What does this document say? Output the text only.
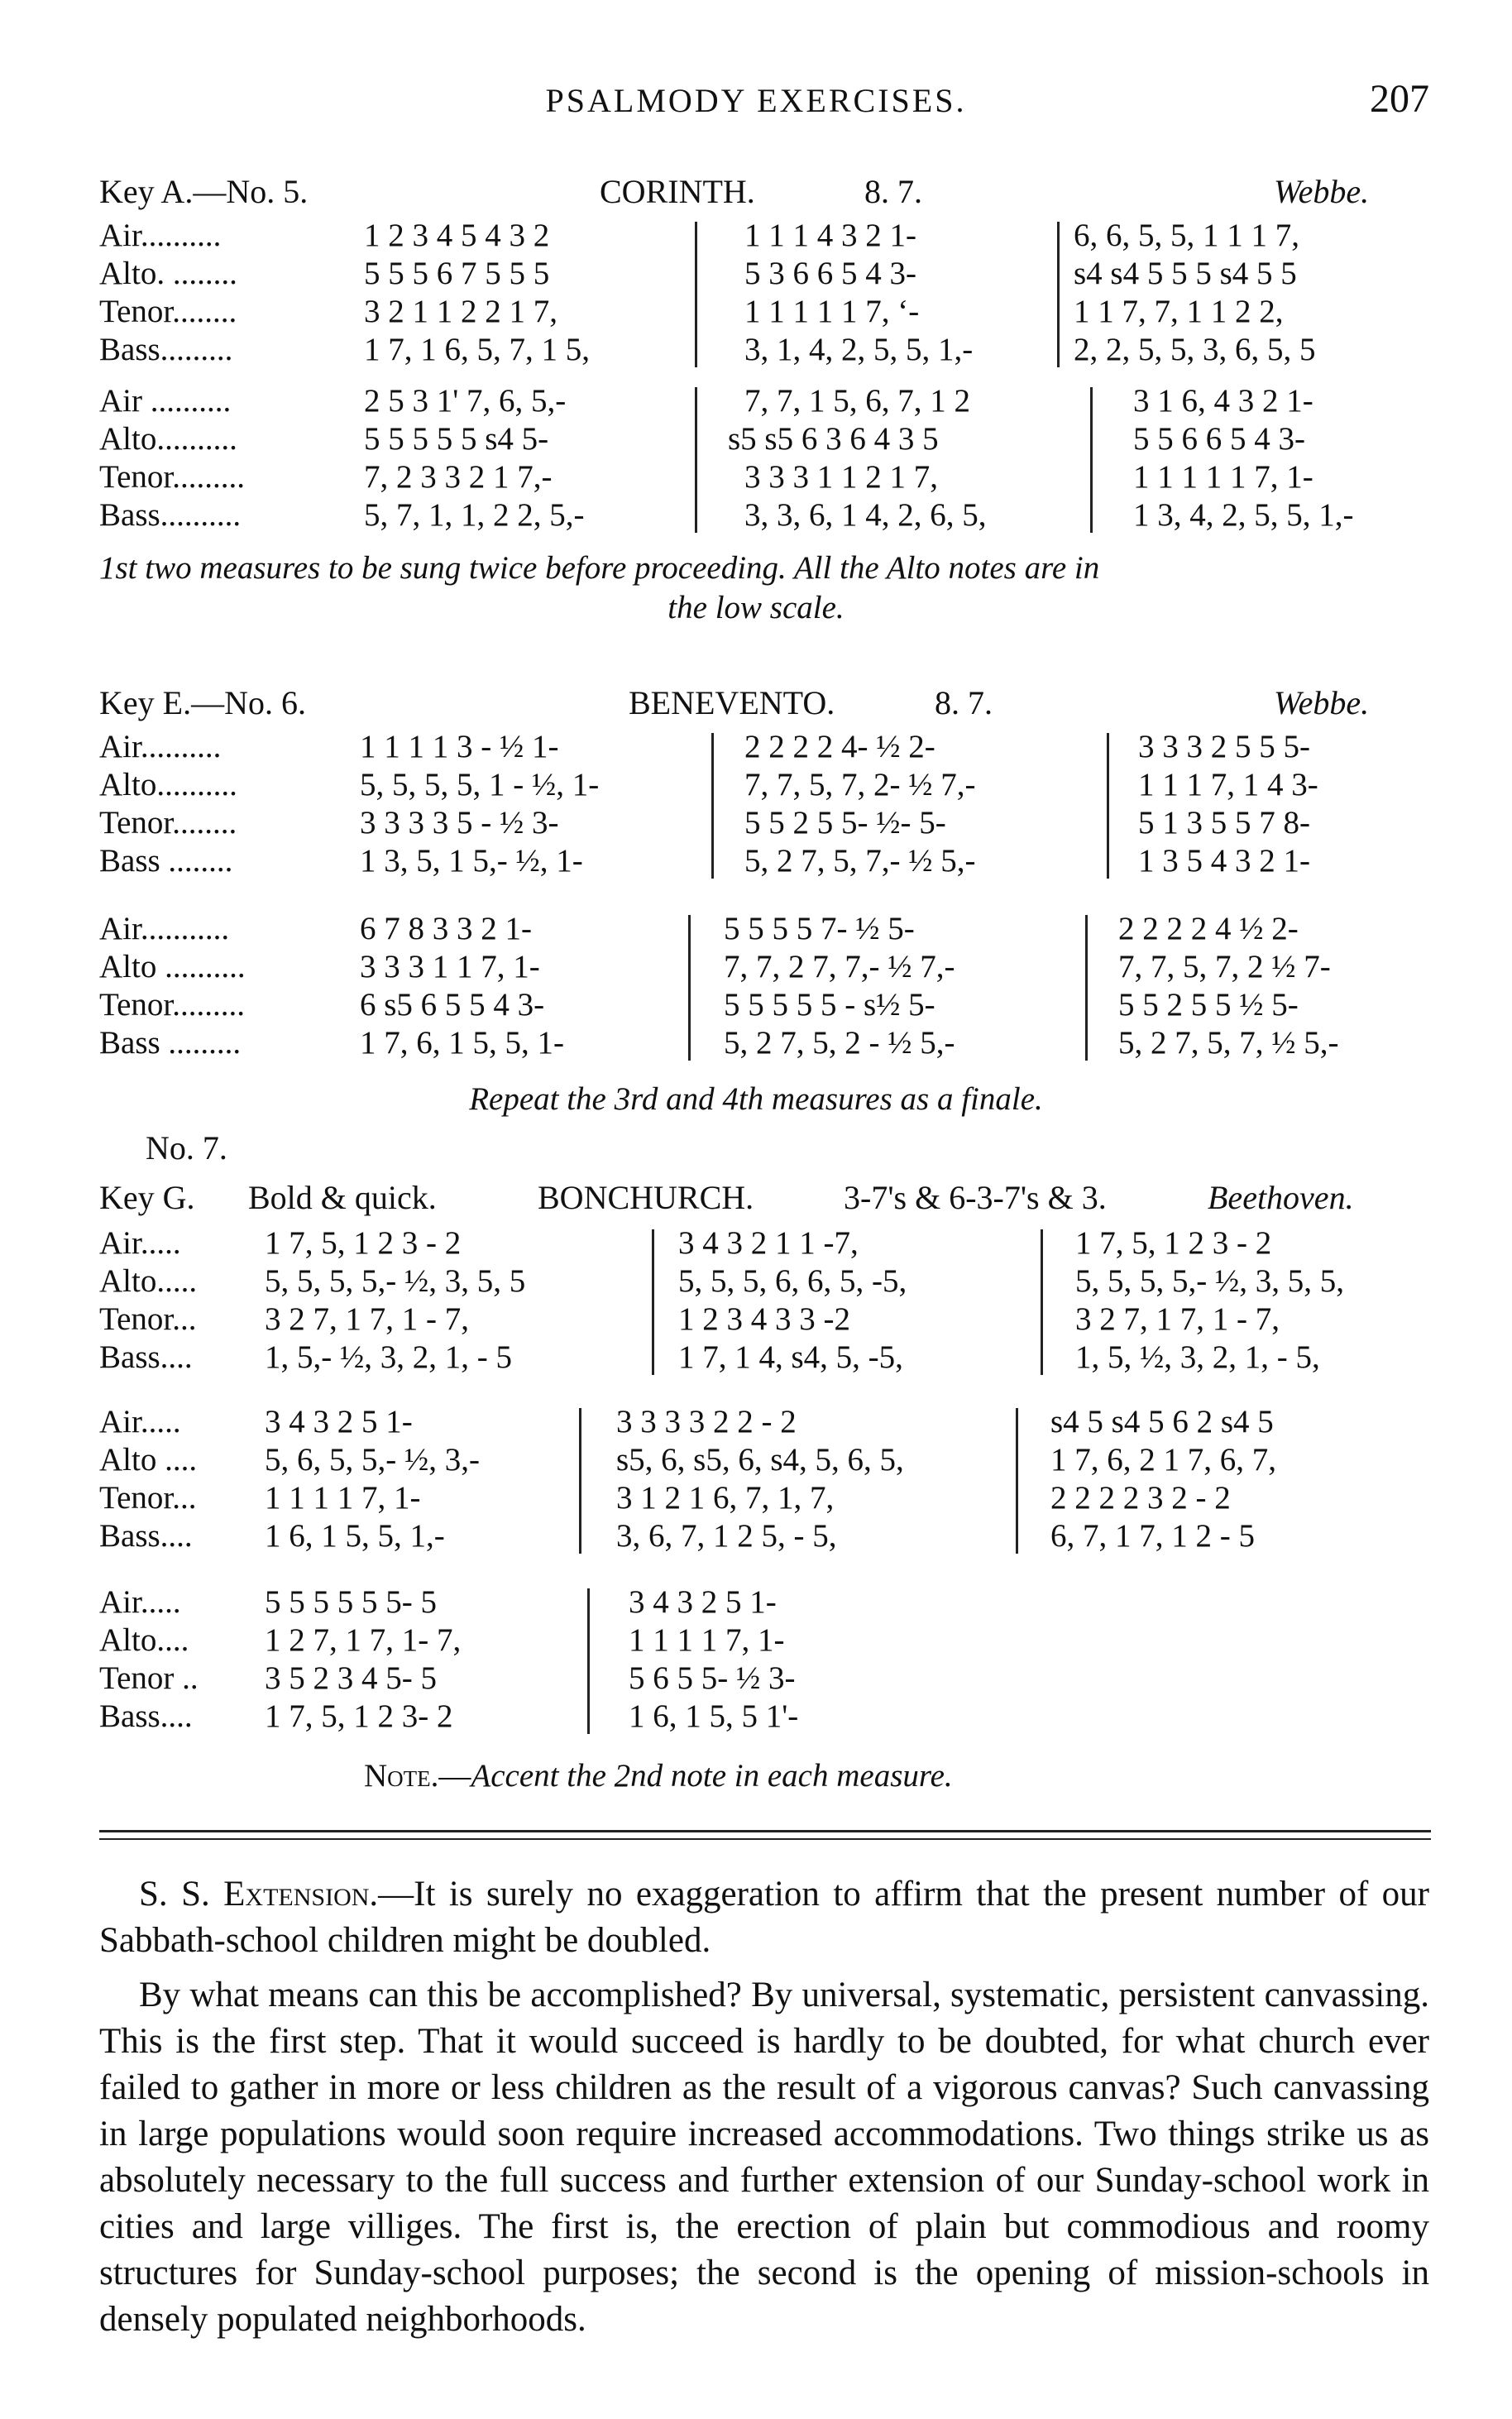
PSALMODY EXERCISES.	207
Key A.—No. 5.	CORINTH.	8. 7.	Webbe.
Air..........	1 2 3 4 5 4 3 2	1 1 1 4 3 2 1-	6, 6, 5, 5, 1 1 1 7,
Alto. ........	5 5 5 6 7 5 5 5	5 3 6 6 5 4 3-	s4 s4 5 5 5 s4 5 5
Tenor........	3 2 1 1 2 2 1 7,	1 1 1 1 1 7, ‘-	1 1 7, 7, 1 1 2 2,
Bass.........	1 7, 1 6, 5, 7, 1 5,	3, 1, 4, 2, 5, 5, 1,-	2, 2, 5, 5, 3, 6, 5, 5
Air ..........	2 5 3 1' 7, 6, 5,-	7, 7, 1 5, 6, 7, 1 2	3 1 6, 4 3 2 1-
Alto..........	5 5 5 5 5 s4 5-	s5 s5 6 3 6 4 3 5	5 5 6 6 5 4 3-
Tenor.........	7, 2 3 3 2 1 7,-	3 3 3 1 1 2 1 7,	1 1 1 1 1 7, 1-
Bass..........	5, 7, 1, 1, 2 2, 5,-	3, 3, 6, 1 4, 2, 6, 5,	1 3, 4, 2, 5, 5, 1,-
1st two measures to be sung twice before proceeding. All the Alto notes are in
the low scale.
Key E.—No. 6.	BENEVENTO.	8. 7.	Webbe.
Air..........	1 1 1 1 3 - ½ 1-	2 2 2 2 4- ½ 2-	3 3 3 2 5 5 5-
Alto..........	5, 5, 5, 5, 1 - ½, 1-	7, 7, 5, 7, 2- ½ 7,-	1 1 1 7, 1 4 3-
Tenor........	3 3 3 3 5 - ½ 3-	5 5 2 5 5- ½- 5-	5 1 3 5 5 7 8-
Bass ........	1 3, 5, 1 5,- ½, 1-	5, 2 7, 5, 7,- ½ 5,-	1 3 5 4 3 2 1-
Air...........	6 7 8 3 3 2 1-	5 5 5 5 7- ½ 5-	2 2 2 2 4 ½ 2-
Alto ..........	3 3 3 1 1 7, 1-	7, 7, 2 7, 7,- ½ 7,-	7, 7, 5, 7, 2 ½ 7-
Tenor.........	6 s5 6 5 5 4 3-	5 5 5 5 5 - s½ 5-	5 5 2 5 5 ½ 5-
Bass .........	1 7, 6, 1 5, 5, 1-	5, 2 7, 5, 2 - ½ 5,-	5, 2 7, 5, 7, ½ 5,-
Repeat the 3rd and 4th measures as a finale.
No. 7.
Key G. Bold & quick.	BONCHURCH.	3-7's & 6-3-7's & 3.	Beethoven.
Air.....	1 7, 5, 1 2 3 - 2	3 4 3 2 1 1 -7,	1 7, 5, 1 2 3 - 2
Alto..... 5, 5, 5, 5,- ½, 3, 5, 5	5, 5, 5, 6, 6, 5, -5,	5, 5, 5, 5,- ½, 3, 5, 5,
Tenor... 3 2 7, 1 7, 1 - 7,	1 2 3 4 3 3 -2	3 2 7, 1 7, 1 - 7,
Bass.... 1, 5,- ½, 3, 2, 1, - 5	1 7, 1 4, s4, 5, -5,	1, 5, ½, 3, 2, 1, - 5,
Air.....	3 4 3 2 5 1-	3 3 3 3 2 2 - 2	s4 5 s4 5 6 2 s4 5
Alto .... 5, 6, 5, 5,- ½, 3,-	s5, 6, s5, 6, s4, 5, 6, 5,	1 7, 6, 2 1 7, 6, 7,
Tenor... 1 1 1 1 7, 1-	3 1 2 1 6, 7, 1, 7,	2 2 2 2 3 2 - 2
Bass.... 1 6, 1 5, 5, 1,-	3, 6, 7, 1 2 5, - 5,	6, 7, 1 7, 1 2 - 5
Air.....	5 5 5 5 5 5- 5	3 4 3 2 5 1-
Alto.... 1 2 7, 1 7, 1- 7,	1 1 1 1 7, 1-
Tenor .. 3 5 2 3 4 5- 5	5 6 5 5- ½ 3-
Bass.... 1 7, 5, 1 2 3- 2	1 6, 1 5, 5 1'-
Note.—Accent the 2nd note in each measure.

S. S. Extension.—It is surely no exaggeration to affirm that the present number of our Sabbath-school children might be doubled.

By what means can this be accomplished? By universal, systematic, persistent canvassing. This is the first step. That it would succeed is hardly to be doubted, for what church ever failed to gather in more or less children as the result of a vigorous canvas? Such canvassing in large populations would soon require increased accommodations. Two things strike us as absolutely necessary to the full success and further extension of our Sunday-school work in cities and large villiges. The first is, the erection of plain but commodious and roomy structures for Sunday-school purposes; the second is the opening of mission-schools in densely populated neighborhoods.
